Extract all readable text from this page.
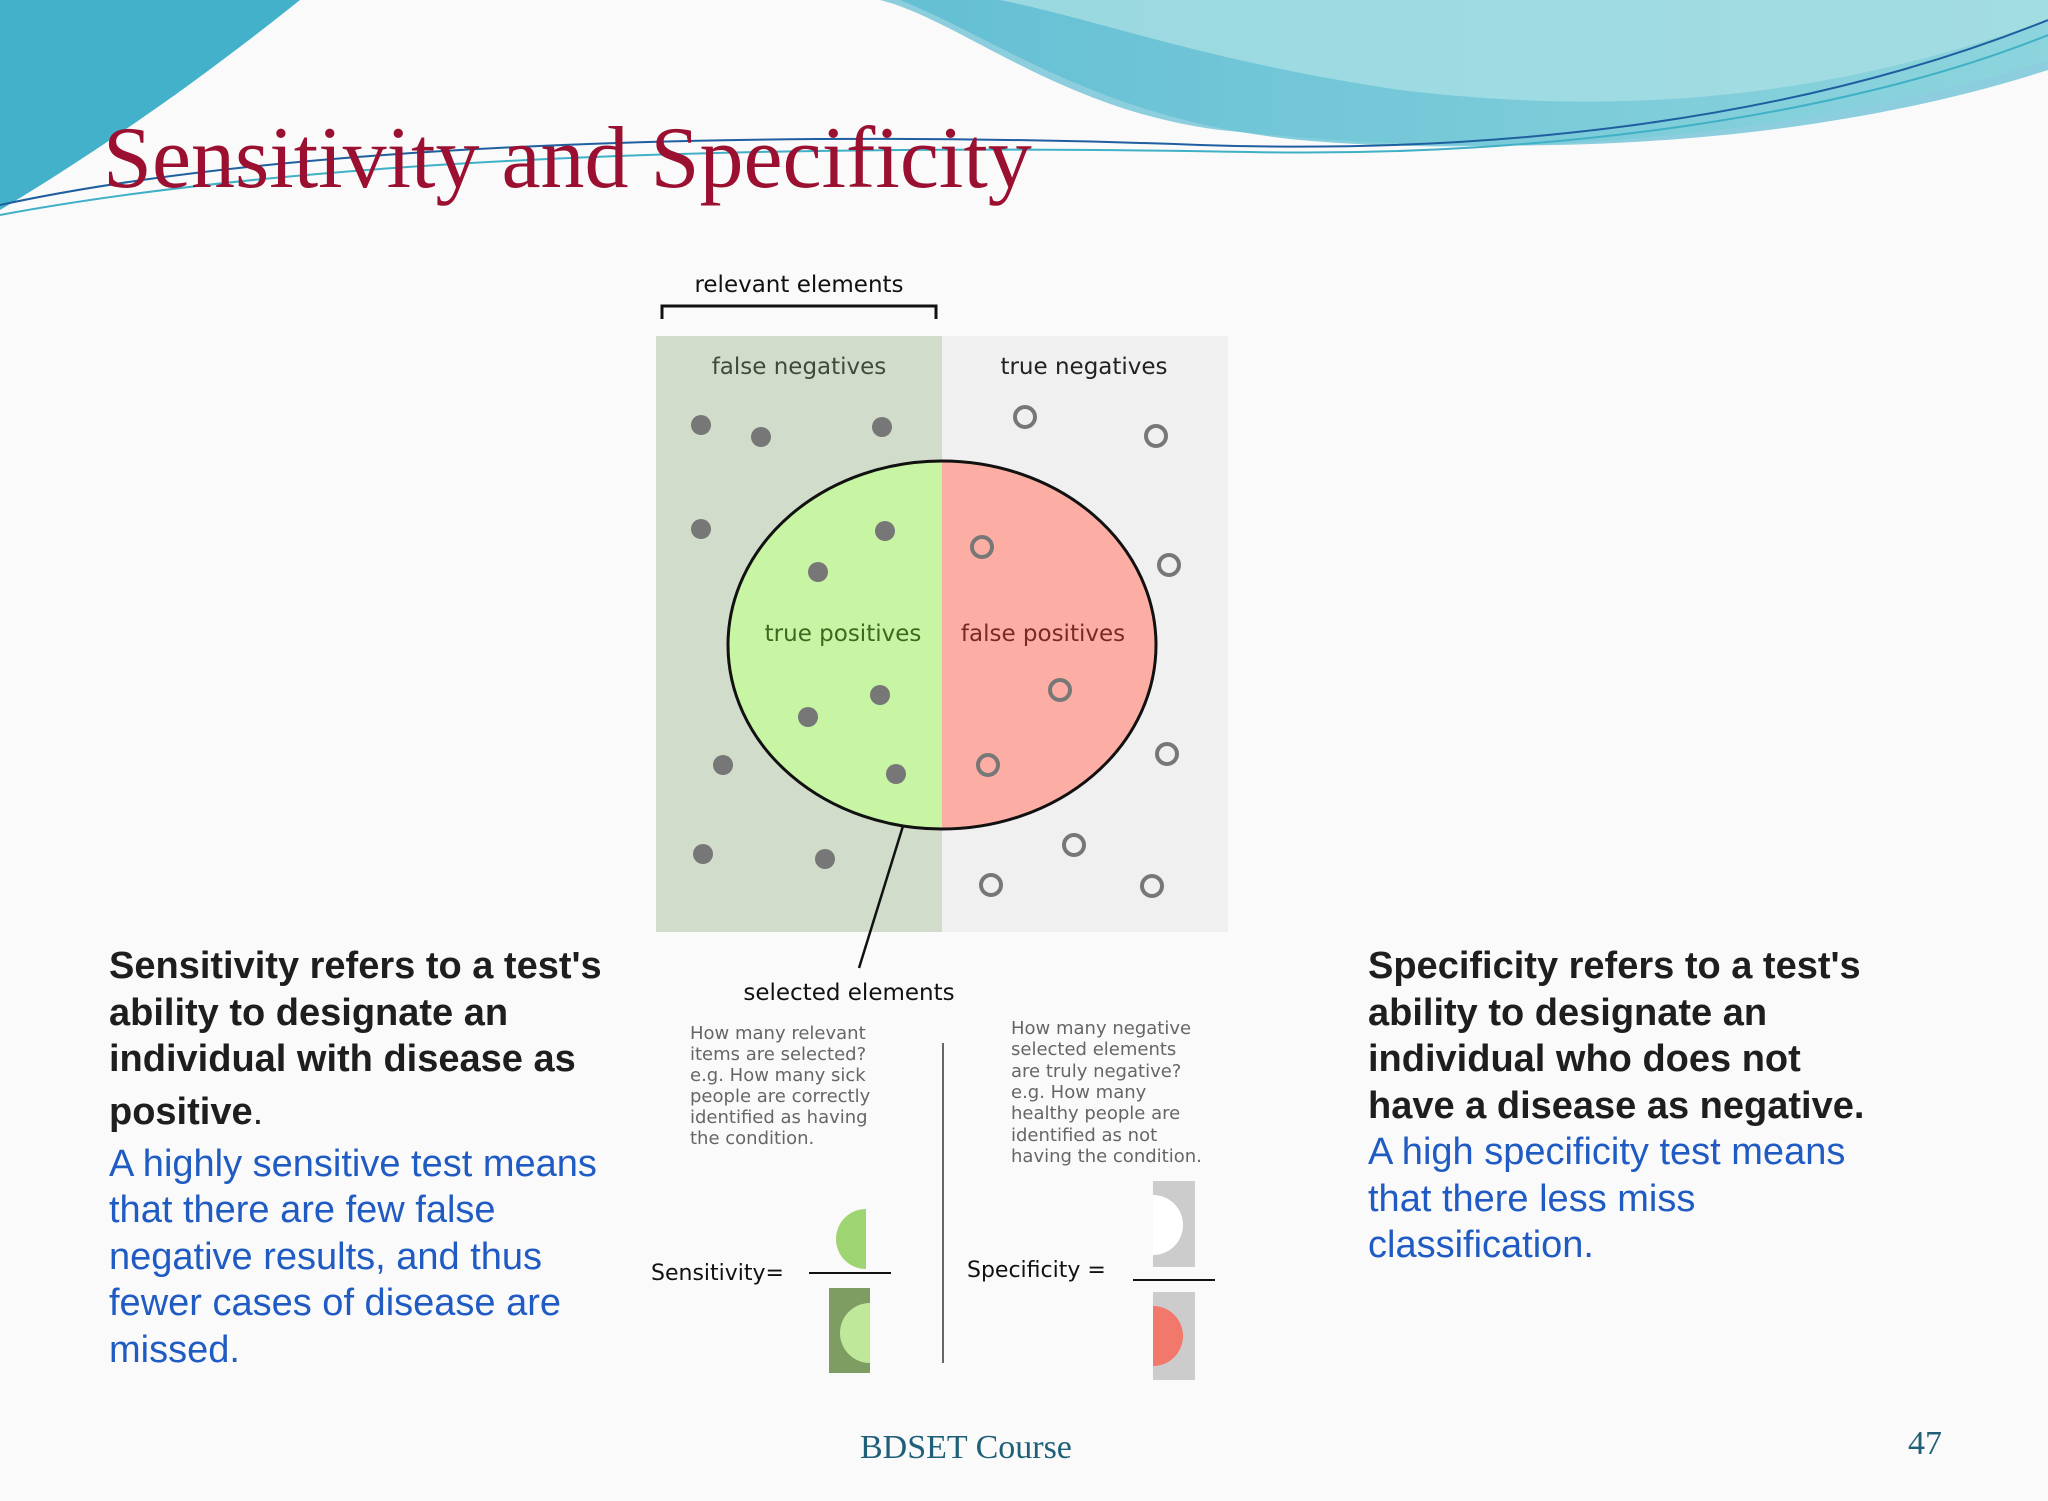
Sensitivity and Specificity
relevant elements
false negatives	true negatives
true positives false positives
selected elements
How many relevant
items are selected?
e.g. How many sick
people are correctly
identified as having
the condition.
How many negative
selected elements
are truly negative?
e.g. How many
healthy people are
identified as not
having the condition.
Sensitivity=	Specificity =
Sensitivity refers to a test's
ability to designate an
individual with disease as
positive.
A highly sensitive test means
that there are few false
negative results, and thus
fewer cases of disease are
missed.
Specificity refers to a test's
ability to designate an
individual who does not
have a disease as negative.
A high specificity test means
that there less miss
classification.
BDSET Course	47
